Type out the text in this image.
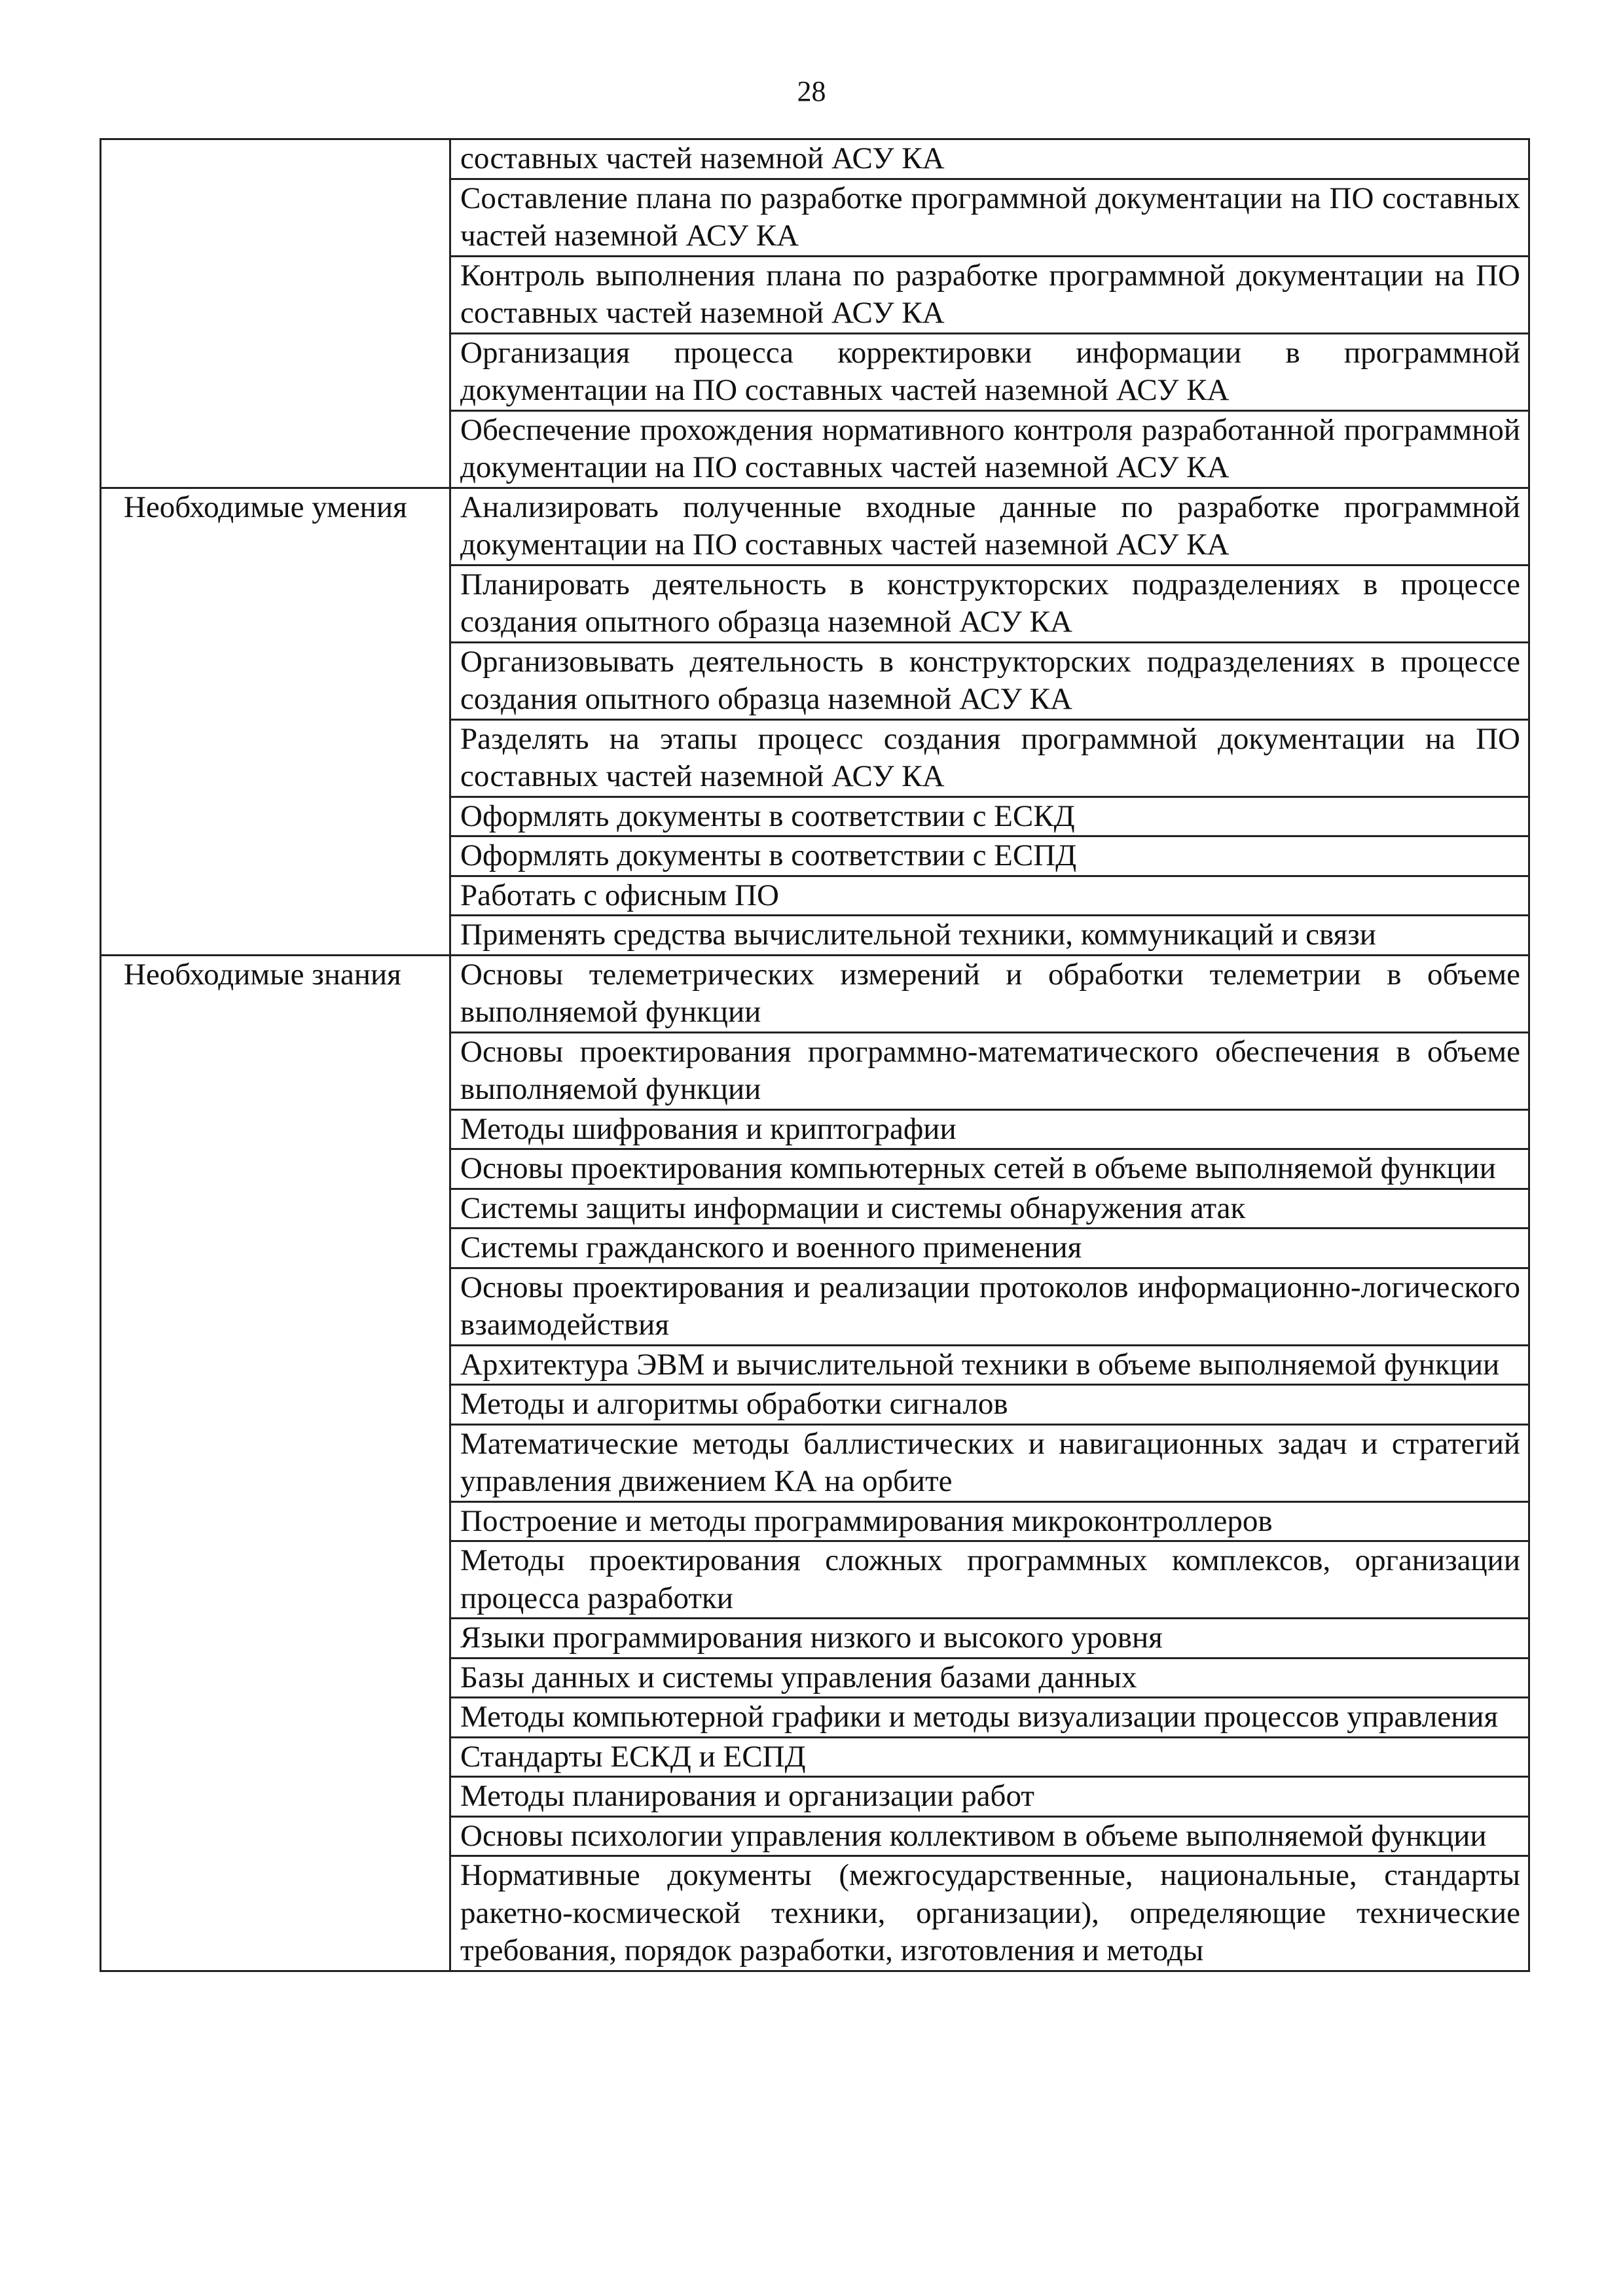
28
	составных частей наземной АСУ КА
	Составление плана по разработке программной документации на ПО составных частей наземной АСУ КА
	Контроль выполнения плана по разработке программной документации на ПО составных частей наземной АСУ КА
	Организация процесса корректировки информации в программной документации на ПО составных частей наземной АСУ КА
	Обеспечение прохождения нормативного контроля разработанной программной документации на ПО составных частей наземной АСУ КА
Необходимые умения	Анализировать полученные входные данные по разработке программной документации на ПО составных частей наземной АСУ КА
	Планировать деятельность в конструкторских подразделениях в процессе создания опытного образца наземной АСУ КА
	Организовывать деятельность в конструкторских подразделениях в процессе создания опытного образца наземной АСУ КА
	Разделять на этапы процесс создания программной документации на ПО составных частей наземной АСУ КА
	Оформлять документы в соответствии с ЕСКД
	Оформлять документы в соответствии с ЕСПД
	Работать с офисным ПО
	Применять средства вычислительной техники, коммуникаций и связи
Необходимые знания	Основы телеметрических измерений и обработки телеметрии в объеме выполняемой функции
	Основы проектирования программно-математического обеспечения в объеме выполняемой функции
	Методы шифрования и криптографии
	Основы проектирования компьютерных сетей в объеме выполняемой функции
	Системы защиты информации и системы обнаружения атак
	Системы гражданского и военного применения
	Основы проектирования и реализации протоколов информационно-логического взаимодействия
	Архитектура ЭВМ и вычислительной техники в объеме выполняемой функции
	Методы и алгоритмы обработки сигналов
	Математические методы баллистических и навигационных задач и стратегий управления движением КА на орбите
	Построение и методы программирования микроконтроллеров
	Методы проектирования сложных программных комплексов, организации процесса разработки
	Языки программирования низкого и высокого уровня
	Базы данных и системы управления базами данных
	Методы компьютерной графики и методы визуализации процессов управления
	Стандарты ЕСКД и ЕСПД
	Методы планирования и организации работ
	Основы психологии управления коллективом в объеме выполняемой функции
	Нормативные документы (межгосударственные, национальные, стандарты ракетно-космической техники, организации), определяющие технические требования, порядок разработки, изготовления и методы
